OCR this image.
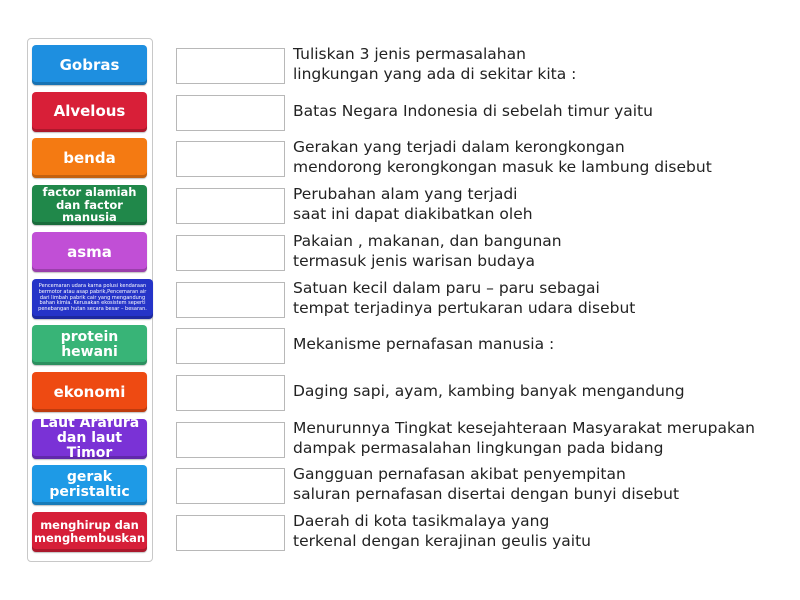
Gobras
Alvelous
benda
factor alamiah dan factor manusia
asma
Pencemaran udara karna polusi kendaraan bermotor atau asap pabrik,Pencemaran air dari limbah pabrik cair yang mengandung bahan kimia. Kerusakan ekosistem seperti penebangan hutan secara besar – besaran.
protein hewani
ekonomi
Laut Arafura dan laut Timor
gerak peristaltic
menghirup dan menghembuskan
Tuliskan 3 jenis permasalahan
lingkungan yang ada di sekitar kita :
Batas Negara Indonesia di sebelah timur yaitu
Gerakan yang terjadi dalam kerongkongan
mendorong kerongkongan masuk ke lambung disebut
Perubahan alam yang terjadi
saat ini dapat diakibatkan oleh
Pakaian , makanan, dan bangunan
termasuk jenis warisan budaya
Satuan kecil dalam paru – paru sebagai
tempat terjadinya pertukaran udara disebut
Mekanisme pernafasan manusia :
Daging sapi, ayam, kambing banyak mengandung
Menurunnya Tingkat kesejahteraan Masyarakat merupakan
dampak permasalahan lingkungan pada bidang
Gangguan pernafasan akibat penyempitan
saluran pernafasan disertai dengan bunyi disebut
Daerah di kota tasikmalaya yang
terkenal dengan kerajinan geulis yaitu
